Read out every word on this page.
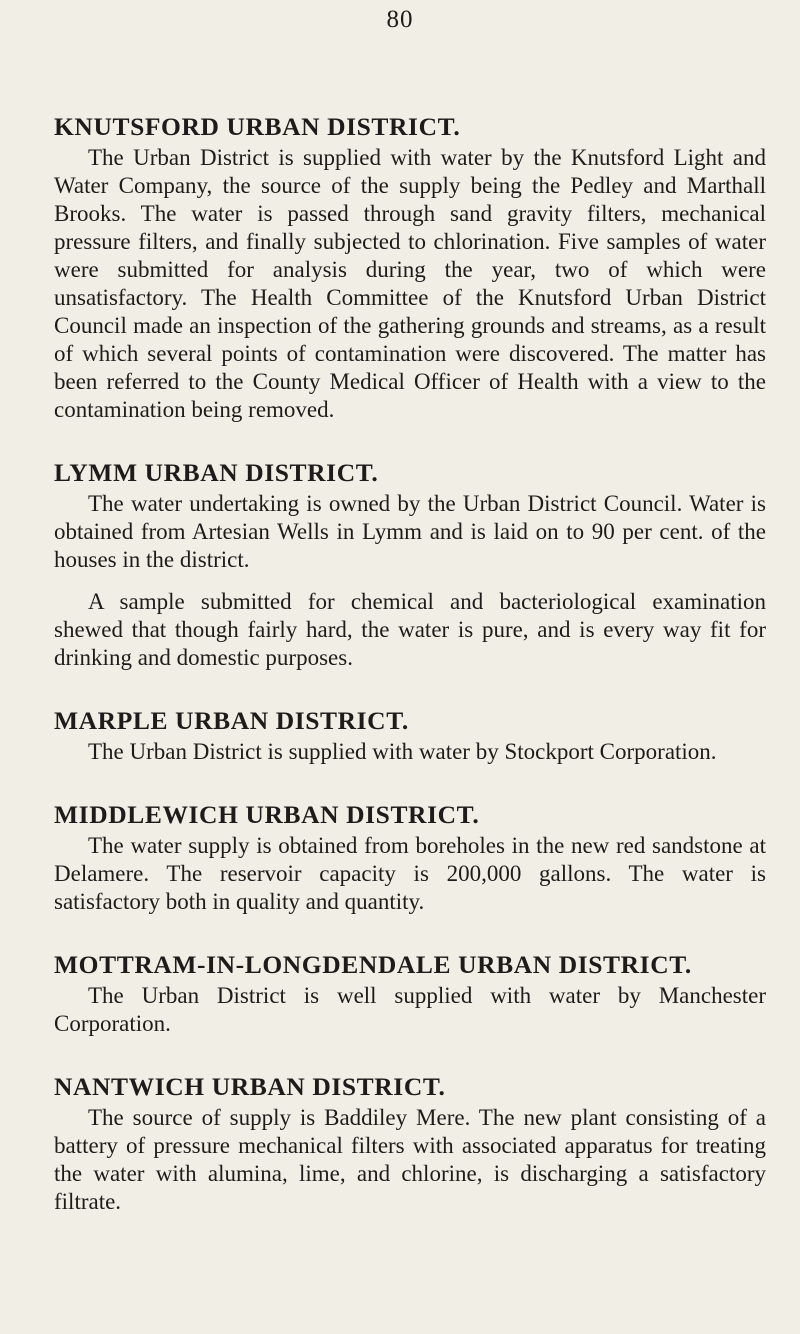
80
KNUTSFORD URBAN DISTRICT.

The Urban District is supplied with water by the Knutsford Light and Water Company, the source of the supply being the Pedley and Marthall Brooks. The water is passed through sand gravity filters, mechanical pressure filters, and finally subjected to chlorination. Five samples of water were submitted for analysis during the year, two of which were unsatisfactory. The Health Committee of the Knutsford Urban District Council made an inspection of the gathering grounds and streams, as a result of which several points of contamination were discovered. The matter has been referred to the County Medical Officer of Health with a view to the contamination being removed.

LYMM URBAN DISTRICT.

The water undertaking is owned by the Urban District Council. Water is obtained from Artesian Wells in Lymm and is laid on to 90 per cent. of the houses in the district.

A sample submitted for chemical and bacteriological examination shewed that though fairly hard, the water is pure, and is every way fit for drinking and domestic purposes.

MARPLE URBAN DISTRICT.

The Urban District is supplied with water by Stockport Corporation.

MIDDLEWICH URBAN DISTRICT.

The water supply is obtained from boreholes in the new red sandstone at Delamere. The reservoir capacity is 200,000 gallons. The water is satisfactory both in quality and quantity.

MOTTRAM-IN-LONGDENDALE URBAN DISTRICT.

The Urban District is well supplied with water by Manchester Corporation.

NANTWICH URBAN DISTRICT.

The source of supply is Baddiley Mere. The new plant consisting of a battery of pressure mechanical filters with associated apparatus for treating the water with alumina, lime, and chlorine, is discharging a satisfactory filtrate.
